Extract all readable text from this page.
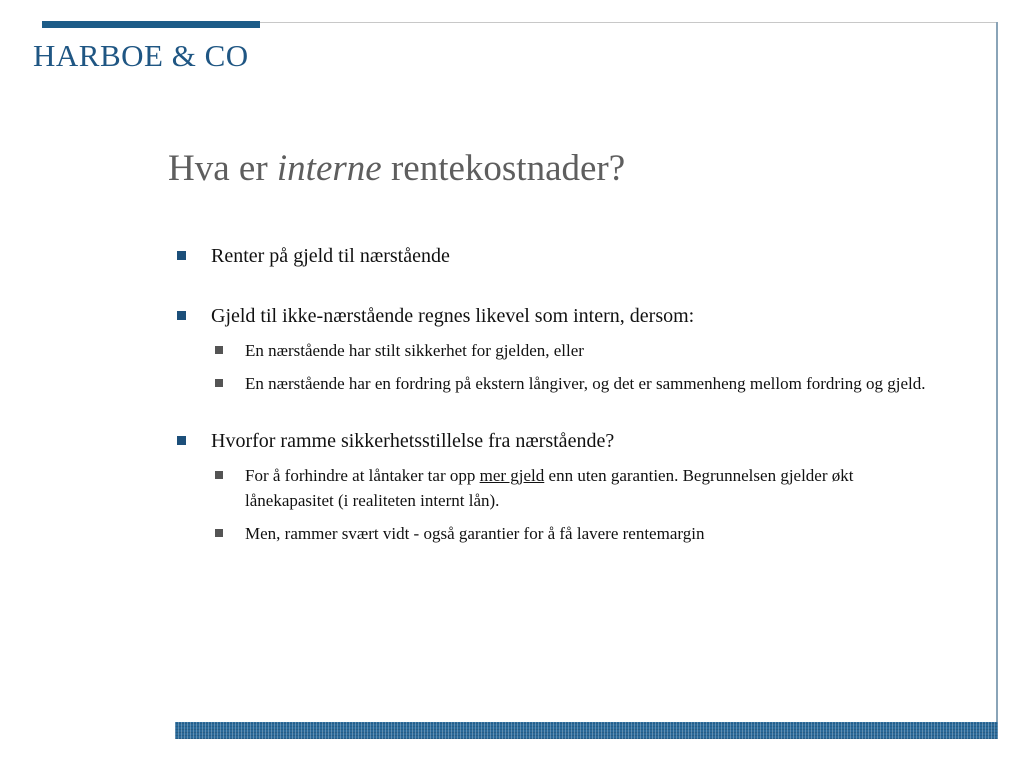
HARBOE & CO
Hva er interne rentekostnader?
Renter på gjeld til nærstående
Gjeld til ikke-nærstående regnes likevel som intern, dersom:
En nærstående har stilt sikkerhet for gjelden, eller
En nærstående har en fordring på ekstern långiver, og det er sammenheng mellom fordring og gjeld.
Hvorfor ramme sikkerhetsstillelse fra nærstående?
For å forhindre at låntaker tar opp mer gjeld enn uten garantien. Begrunnelsen gjelder økt lånekapasitet (i realiteten internt lån).
Men, rammer svært vidt - også garantier for å få lavere rentemargin
